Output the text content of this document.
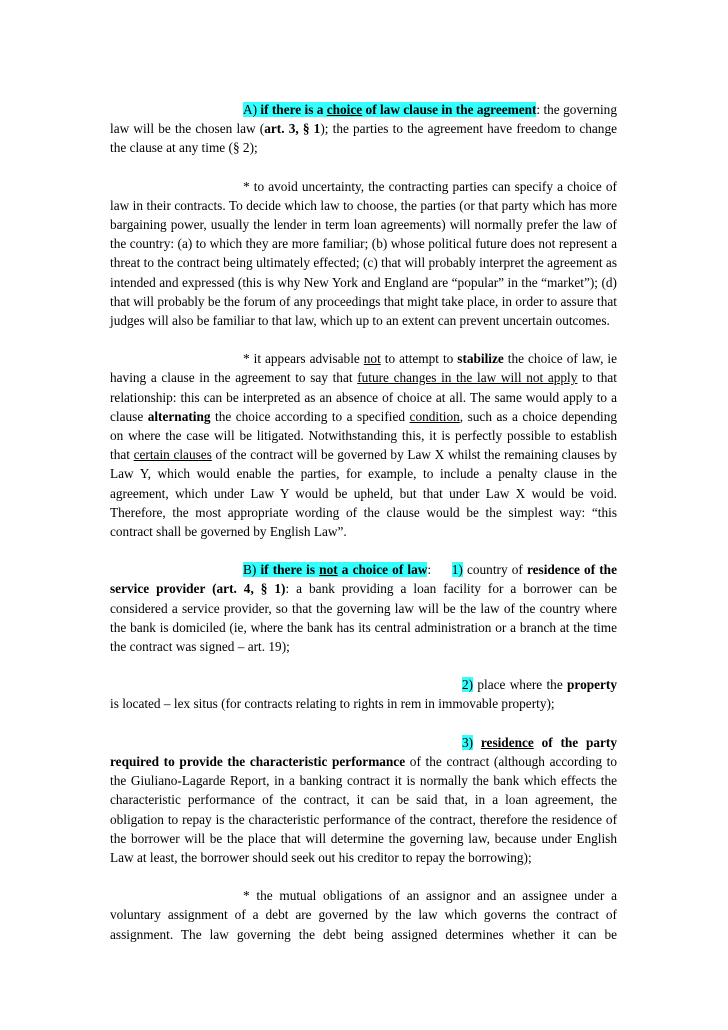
A) if there is a choice of law clause in the agreement: the governing law will be the chosen law (art. 3, § 1); the parties to the agreement have freedom to change the clause at any time (§ 2);

* to avoid uncertainty, the contracting parties can specify a choice of law in their contracts. To decide which law to choose, the parties (or that party which has more bargaining power, usually the lender in term loan agreements) will normally prefer the law of the country: (a) to which they are more familiar; (b) whose political future does not represent a threat to the contract being ultimately effected; (c) that will probably interpret the agreement as intended and expressed (this is why New York and England are “popular” in the “market”); (d) that will probably be the forum of any proceedings that might take place, in order to assure that judges will also be familiar to that law, which up to an extent can prevent uncertain outcomes.

* it appears advisable not to attempt to stabilize the choice of law, ie having a clause in the agreement to say that future changes in the law will not apply to that relationship: this can be interpreted as an absence of choice at all. The same would apply to a clause alternating the choice according to a specified condition, such as a choice depending on where the case will be litigated. Notwithstanding this, it is perfectly possible to establish that certain clauses of the contract will be governed by Law X whilst the remaining clauses by Law Y, which would enable the parties, for example, to include a penalty clause in the agreement, which under Law Y would be upheld, but that under Law X would be void. Therefore, the most appropriate wording of the clause would be the simplest way: “this contract shall be governed by English Law”.

B) if there is not a choice of law: 1) country of residence of the service provider (art. 4, § 1): a bank providing a loan facility for a borrower can be considered a service provider, so that the governing law will be the law of the country where the bank is domiciled (ie, where the bank has its central administration or a branch at the time the contract was signed – art. 19);

2) place where the property is located – lex situs (for contracts relating to rights in rem in immovable property);

3) residence of the party required to provide the characteristic performance of the contract (although according to the Giuliano-Lagarde Report, in a banking contract it is normally the bank which effects the characteristic performance of the contract, it can be said that, in a loan agreement, the obligation to repay is the characteristic performance of the contract, therefore the residence of the borrower will be the place that will determine the governing law, because under English Law at least, the borrower should seek out his creditor to repay the borrowing);

* the mutual obligations of an assignor and an assignee under a voluntary assignment of a debt are governed by the law which governs the contract of assignment. The law governing the debt being assigned determines whether it can be
